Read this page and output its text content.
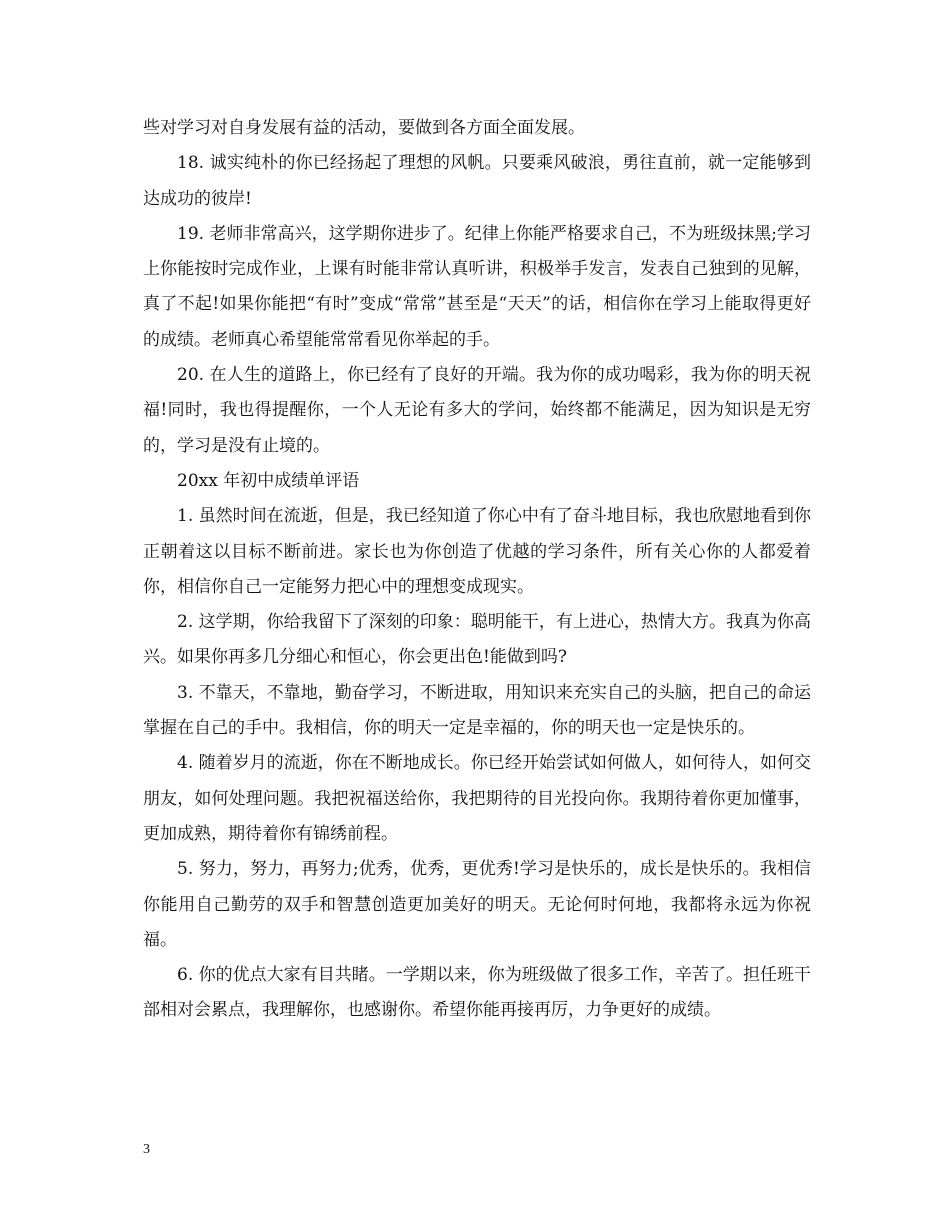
些对学习对自身发展有益的活动，要做到各方面全面发展。

18. 诚实纯朴的你已经扬起了理想的风帆。只要乘风破浪，勇往直前，就一定能够到达成功的彼岸!

19. 老师非常高兴，这学期你进步了。纪律上你能严格要求自己，不为班级抹黑;学习上你能按时完成作业，上课有时能非常认真听讲，积极举手发言，发表自己独到的见解，真了不起!如果你能把“有时”变成“常常”甚至是“天天”的话，相信你在学习上能取得更好的成绩。老师真心希望能常常看见你举起的手。

20. 在人生的道路上，你已经有了良好的开端。我为你的成功喝彩，我为你的明天祝福!同时，我也得提醒你，一个人无论有多大的学问，始终都不能满足，因为知识是无穷的，学习是没有止境的。

20xx 年初中成绩单评语

1. 虽然时间在流逝，但是，我已经知道了你心中有了奋斗地目标，我也欣慰地看到你正朝着这以目标不断前进。家长也为你创造了优越的学习条件，所有关心你的人都爱着你，相信你自己一定能努力把心中的理想变成现实。

2. 这学期，你给我留下了深刻的印象：聪明能干，有上进心，热情大方。我真为你高兴。如果你再多几分细心和恒心，你会更出色!能做到吗?

3. 不靠天，不靠地，勤奋学习，不断进取，用知识来充实自己的头脑，把自己的命运掌握在自己的手中。我相信，你的明天一定是幸福的，你的明天也一定是快乐的。

4. 随着岁月的流逝，你在不断地成长。你已经开始尝试如何做人，如何待人，如何交朋友，如何处理问题。我把祝福送给你，我把期待的目光投向你。我期待着你更加懂事，更加成熟，期待着你有锦绣前程。

5. 努力，努力，再努力;优秀，优秀，更优秀!学习是快乐的，成长是快乐的。我相信你能用自己勤劳的双手和智慧创造更加美好的明天。无论何时何地，我都将永远为你祝福。

6. 你的优点大家有目共睹。一学期以来，你为班级做了很多工作，辛苦了。担任班干部相对会累点，我理解你，也感谢你。希望你能再接再厉，力争更好的成绩。

3
